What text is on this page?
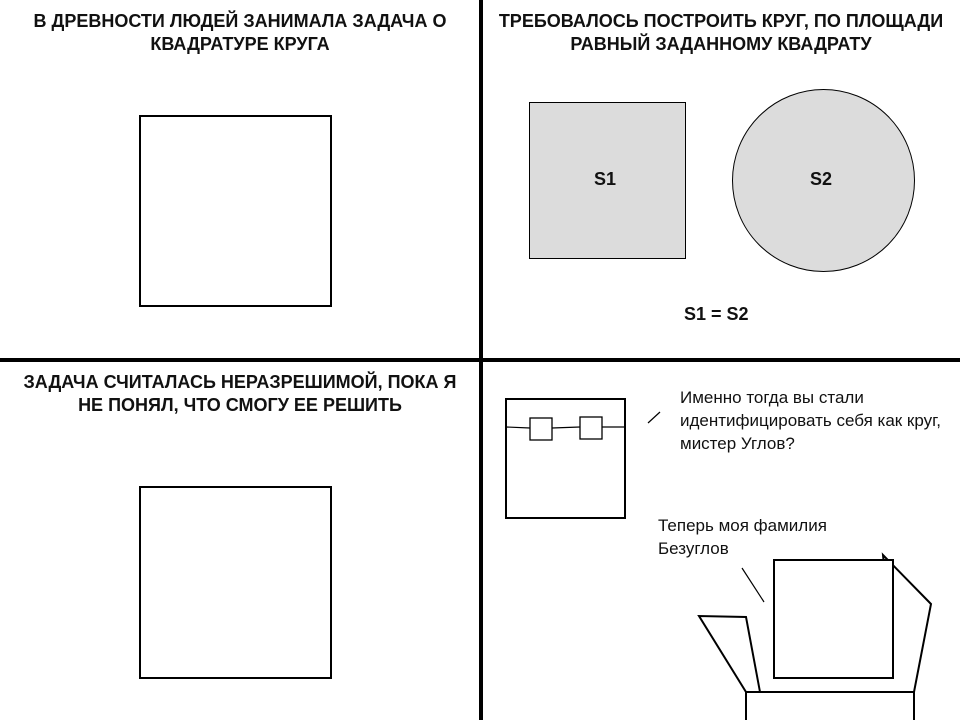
В ДРЕВНОСТИ ЛЮДЕЙ ЗАНИМАЛА ЗАДАЧА О КВАДРАТУРЕ КРУГА
ТРЕБОВАЛОСЬ ПОСТРОИТЬ КРУГ, ПО ПЛОЩАДИ РАВНЫЙ ЗАДАННОМУ КВАДРАТУ
S1	S2
S1 = S2
ЗАДАЧА СЧИТАЛАСЬ НЕРАЗРЕШИМОЙ, ПОКА Я НЕ ПОНЯЛ, ЧТО СМОГУ ЕЕ РЕШИТЬ	Именно тогда вы стали идентифицировать себя как круг, мистер Углов?
Теперь моя фамилия Безуглов
